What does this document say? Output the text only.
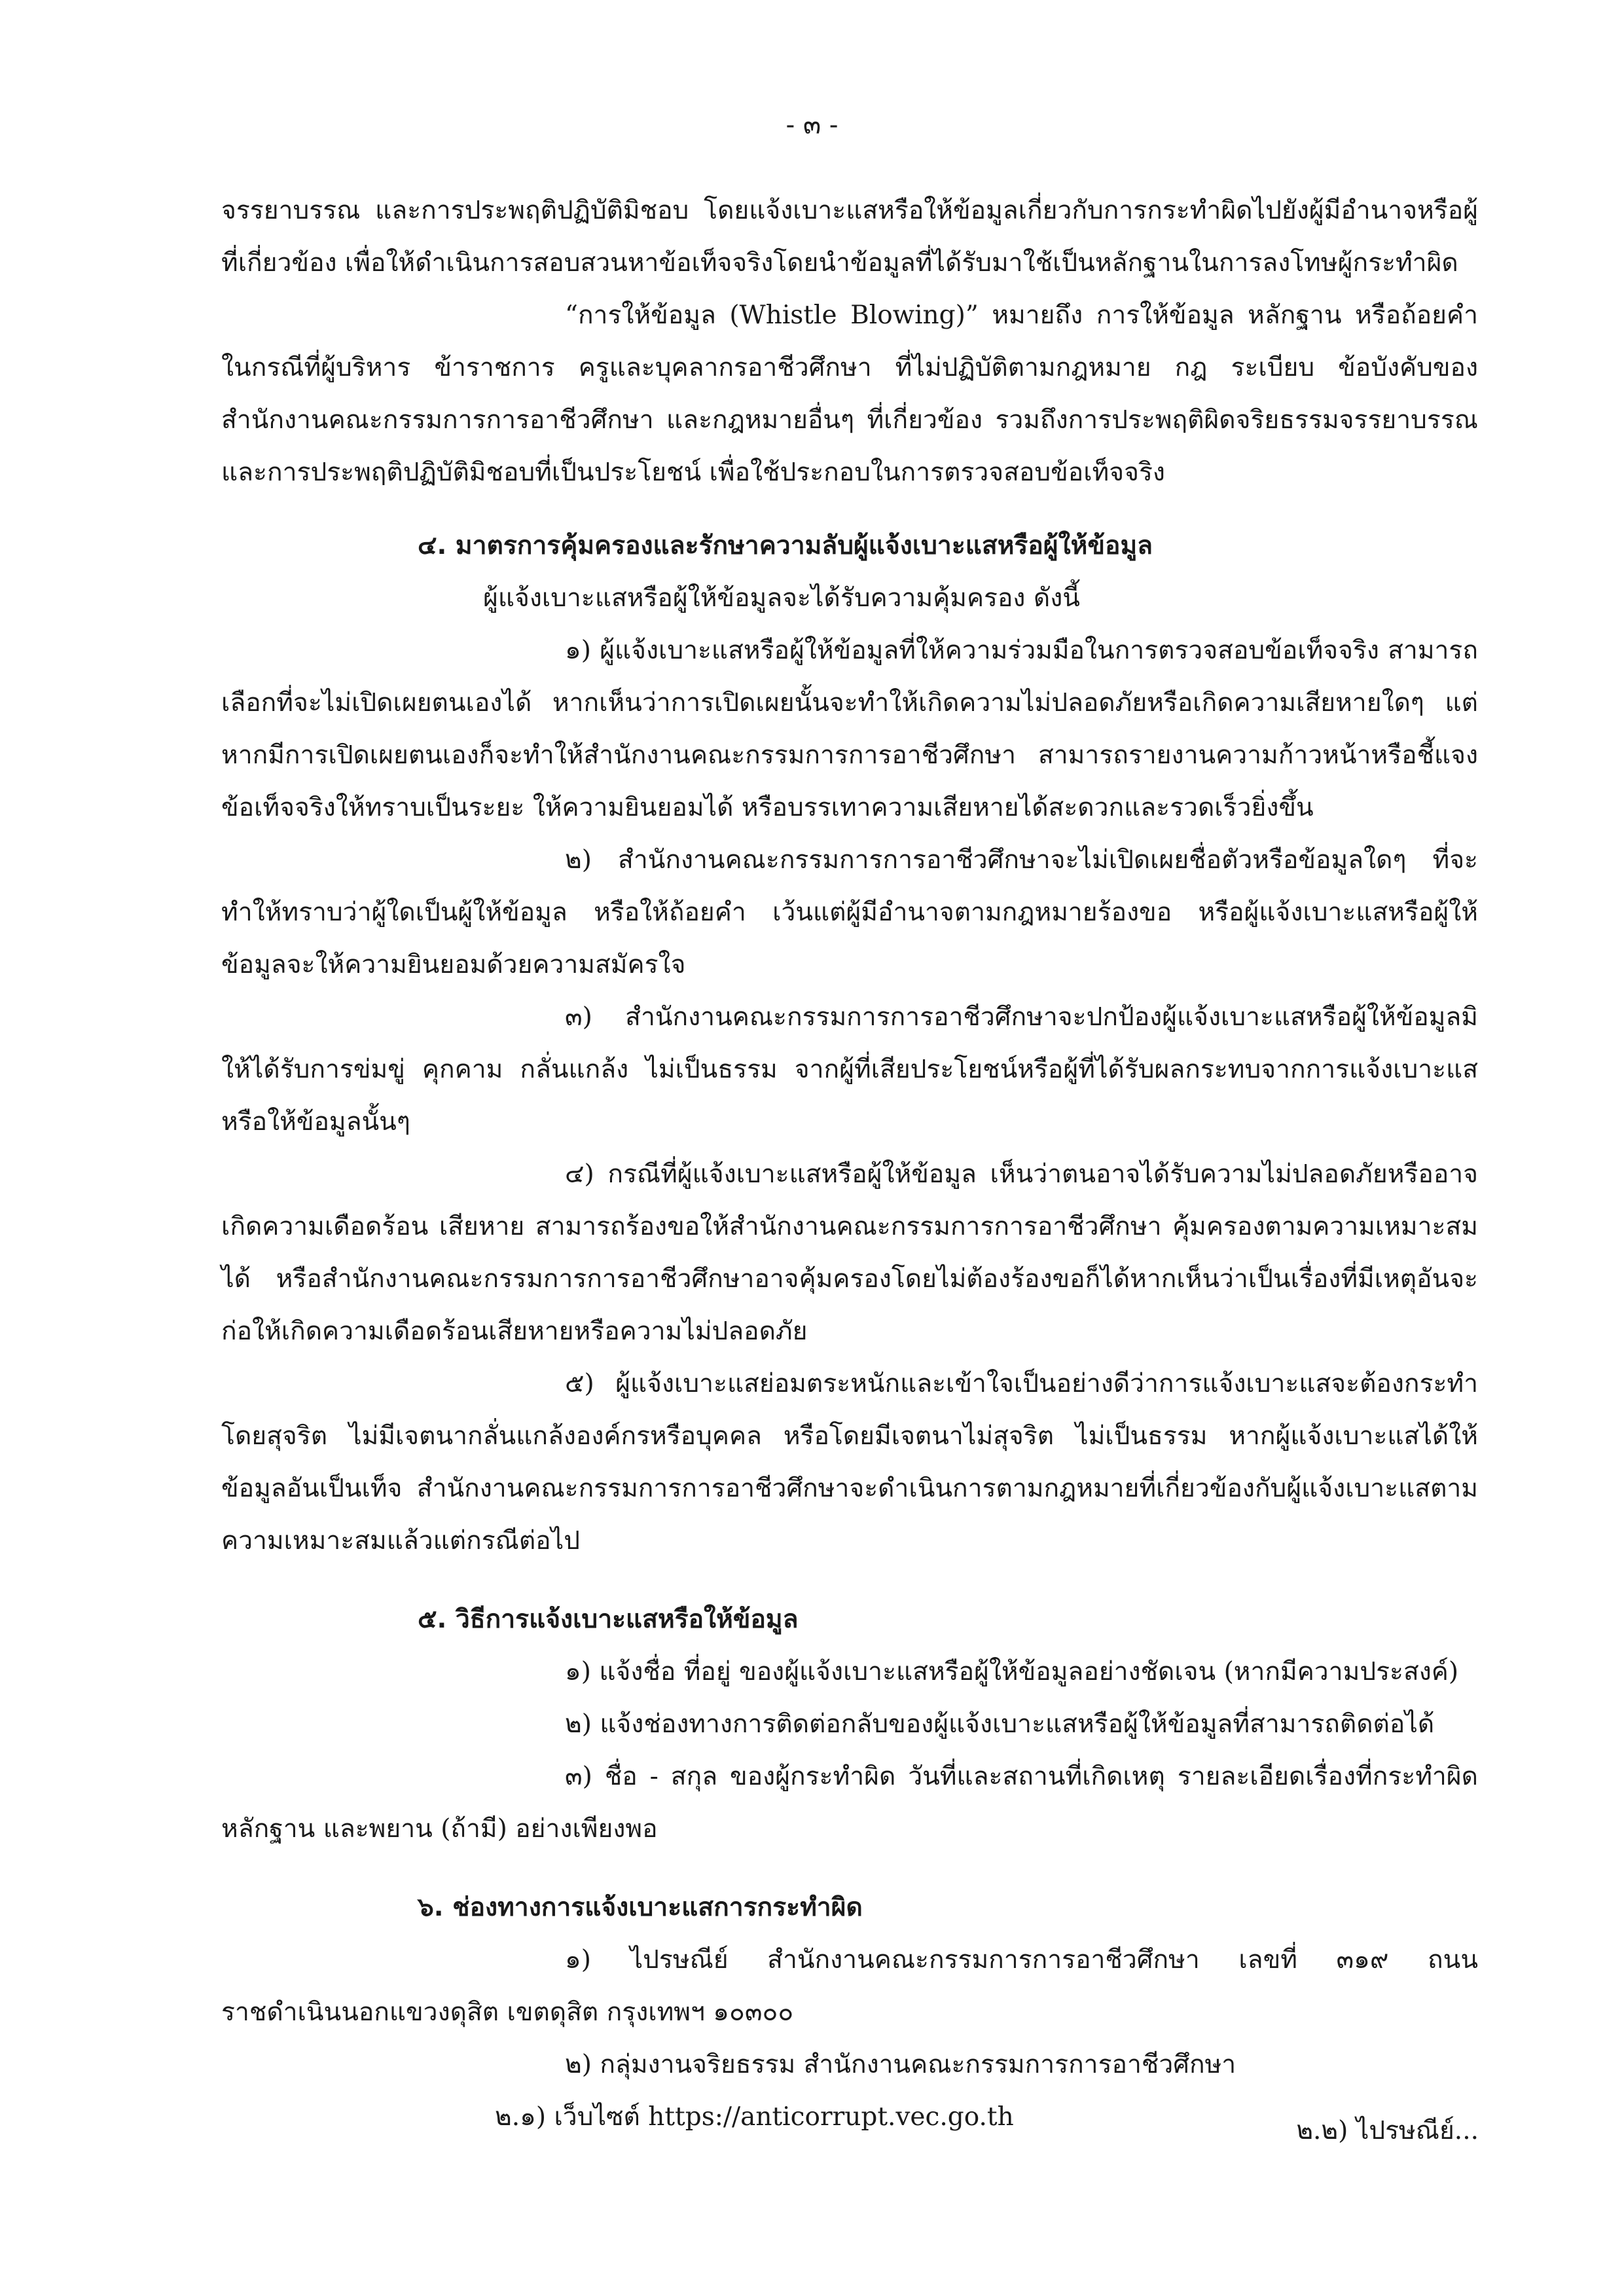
- ๓ -

จรรยาบรรณ และการประพฤติปฏิบัติมิชอบ โดยแจ้งเบาะแสหรือให้ข้อมูลเกี่ยวกับการกระทำผิดไปยังผู้มีอำนาจหรือผู้ที่เกี่ยวข้อง เพื่อให้ดำเนินการสอบสวนหาข้อเท็จจริงโดยนำข้อมูลที่ได้รับมาใช้เป็นหลักฐานในการลงโทษผู้กระทำผิด

“การให้ข้อมูล (Whistle Blowing)” หมายถึง การให้ข้อมูล หลักฐาน หรือถ้อยคำ ในกรณีที่ผู้บริหาร ข้าราชการ ครูและบุคลากรอาชีวศึกษา ที่ไม่ปฏิบัติตามกฎหมาย กฎ ระเบียบ ข้อบังคับของสำนักงานคณะกรรมการการอาชีวศึกษา และกฎหมายอื่นๆ ที่เกี่ยวข้อง รวมถึงการประพฤติผิดจริยธรรมจรรยาบรรณ และการประพฤติปฏิบัติมิชอบที่เป็นประโยชน์ เพื่อใช้ประกอบในการตรวจสอบข้อเท็จจริง

๔. มาตรการคุ้มครองและรักษาความลับผู้แจ้งเบาะแสหรือผู้ให้ข้อมูล

ผู้แจ้งเบาะแสหรือผู้ให้ข้อมูลจะได้รับความคุ้มครอง ดังนี้

๑) ผู้แจ้งเบาะแสหรือผู้ให้ข้อมูลที่ให้ความร่วมมือในการตรวจสอบข้อเท็จจริง สามารถเลือกที่จะไม่เปิดเผยตนเองได้ หากเห็นว่าการเปิดเผยนั้นจะทำให้เกิดความไม่ปลอดภัยหรือเกิดความเสียหายใดๆ แต่หากมีการเปิดเผยตนเองก็จะทำให้สำนักงานคณะกรรมการการอาชีวศึกษา สามารถรายงานความก้าวหน้าหรือชี้แจงข้อเท็จจริงให้ทราบเป็นระยะ ให้ความยินยอมได้ หรือบรรเทาความเสียหายได้สะดวกและรวดเร็วยิ่งขึ้น

๒) สำนักงานคณะกรรมการการอาชีวศึกษาจะไม่เปิดเผยชื่อตัวหรือข้อมูลใดๆ ที่จะทำให้ทราบว่าผู้ใดเป็นผู้ให้ข้อมูล หรือให้ถ้อยคำ เว้นแต่ผู้มีอำนาจตามกฎหมายร้องขอ หรือผู้แจ้งเบาะแสหรือผู้ให้ข้อมูลจะให้ความยินยอมด้วยความสมัครใจ

๓) สำนักงานคณะกรรมการการอาชีวศึกษาจะปกป้องผู้แจ้งเบาะแสหรือผู้ให้ข้อมูลมิให้ได้รับการข่มขู่ คุกคาม กลั่นแกล้ง ไม่เป็นธรรม จากผู้ที่เสียประโยชน์หรือผู้ที่ได้รับผลกระทบจากการแจ้งเบาะแสหรือให้ข้อมูลนั้นๆ

๔) กรณีที่ผู้แจ้งเบาะแสหรือผู้ให้ข้อมูล เห็นว่าตนอาจได้รับความไม่ปลอดภัยหรืออาจเกิดความเดือดร้อน เสียหาย สามารถร้องขอให้สำนักงานคณะกรรมการการอาชีวศึกษา คุ้มครองตามความเหมาะสมได้ หรือสำนักงานคณะกรรมการการอาชีวศึกษาอาจคุ้มครองโดยไม่ต้องร้องขอก็ได้หากเห็นว่าเป็นเรื่องที่มีเหตุอันจะก่อให้เกิดความเดือดร้อนเสียหายหรือความไม่ปลอดภัย

๕) ผู้แจ้งเบาะแสย่อมตระหนักและเข้าใจเป็นอย่างดีว่าการแจ้งเบาะแสจะต้องกระทำโดยสุจริต ไม่มีเจตนากลั่นแกล้งองค์กรหรือบุคคล หรือโดยมีเจตนาไม่สุจริต ไม่เป็นธรรม หากผู้แจ้งเบาะแสได้ให้ข้อมูลอันเป็นเท็จ สำนักงานคณะกรรมการการอาชีวศึกษาจะดำเนินการตามกฎหมายที่เกี่ยวข้องกับผู้แจ้งเบาะแสตามความเหมาะสมแล้วแต่กรณีต่อไป

๕. วิธีการแจ้งเบาะแสหรือให้ข้อมูล

๑) แจ้งชื่อ ที่อยู่ ของผู้แจ้งเบาะแสหรือผู้ให้ข้อมูลอย่างชัดเจน (หากมีความประสงค์)

๒) แจ้งช่องทางการติดต่อกลับของผู้แจ้งเบาะแสหรือผู้ให้ข้อมูลที่สามารถติดต่อได้

๓) ชื่อ - สกุล ของผู้กระทำผิด วันที่และสถานที่เกิดเหตุ รายละเอียดเรื่องที่กระทำผิดหลักฐาน และพยาน (ถ้ามี) อย่างเพียงพอ

๖. ช่องทางการแจ้งเบาะแสการกระทำผิด

๑) ไปรษณีย์ สำนักงานคณะกรรมการการอาชีวศึกษา เลขที่ ๓๑๙ ถนนราชดำเนินนอกแขวงดุสิต เขตดุสิต กรุงเทพฯ ๑๐๓๐๐

๒) กลุ่มงานจริยธรรม สำนักงานคณะกรรมการการอาชีวศึกษา

๒.๑) เว็บไซต์ https://anticorrupt.vec.go.th	๒.๒) ไปรษณีย์...
